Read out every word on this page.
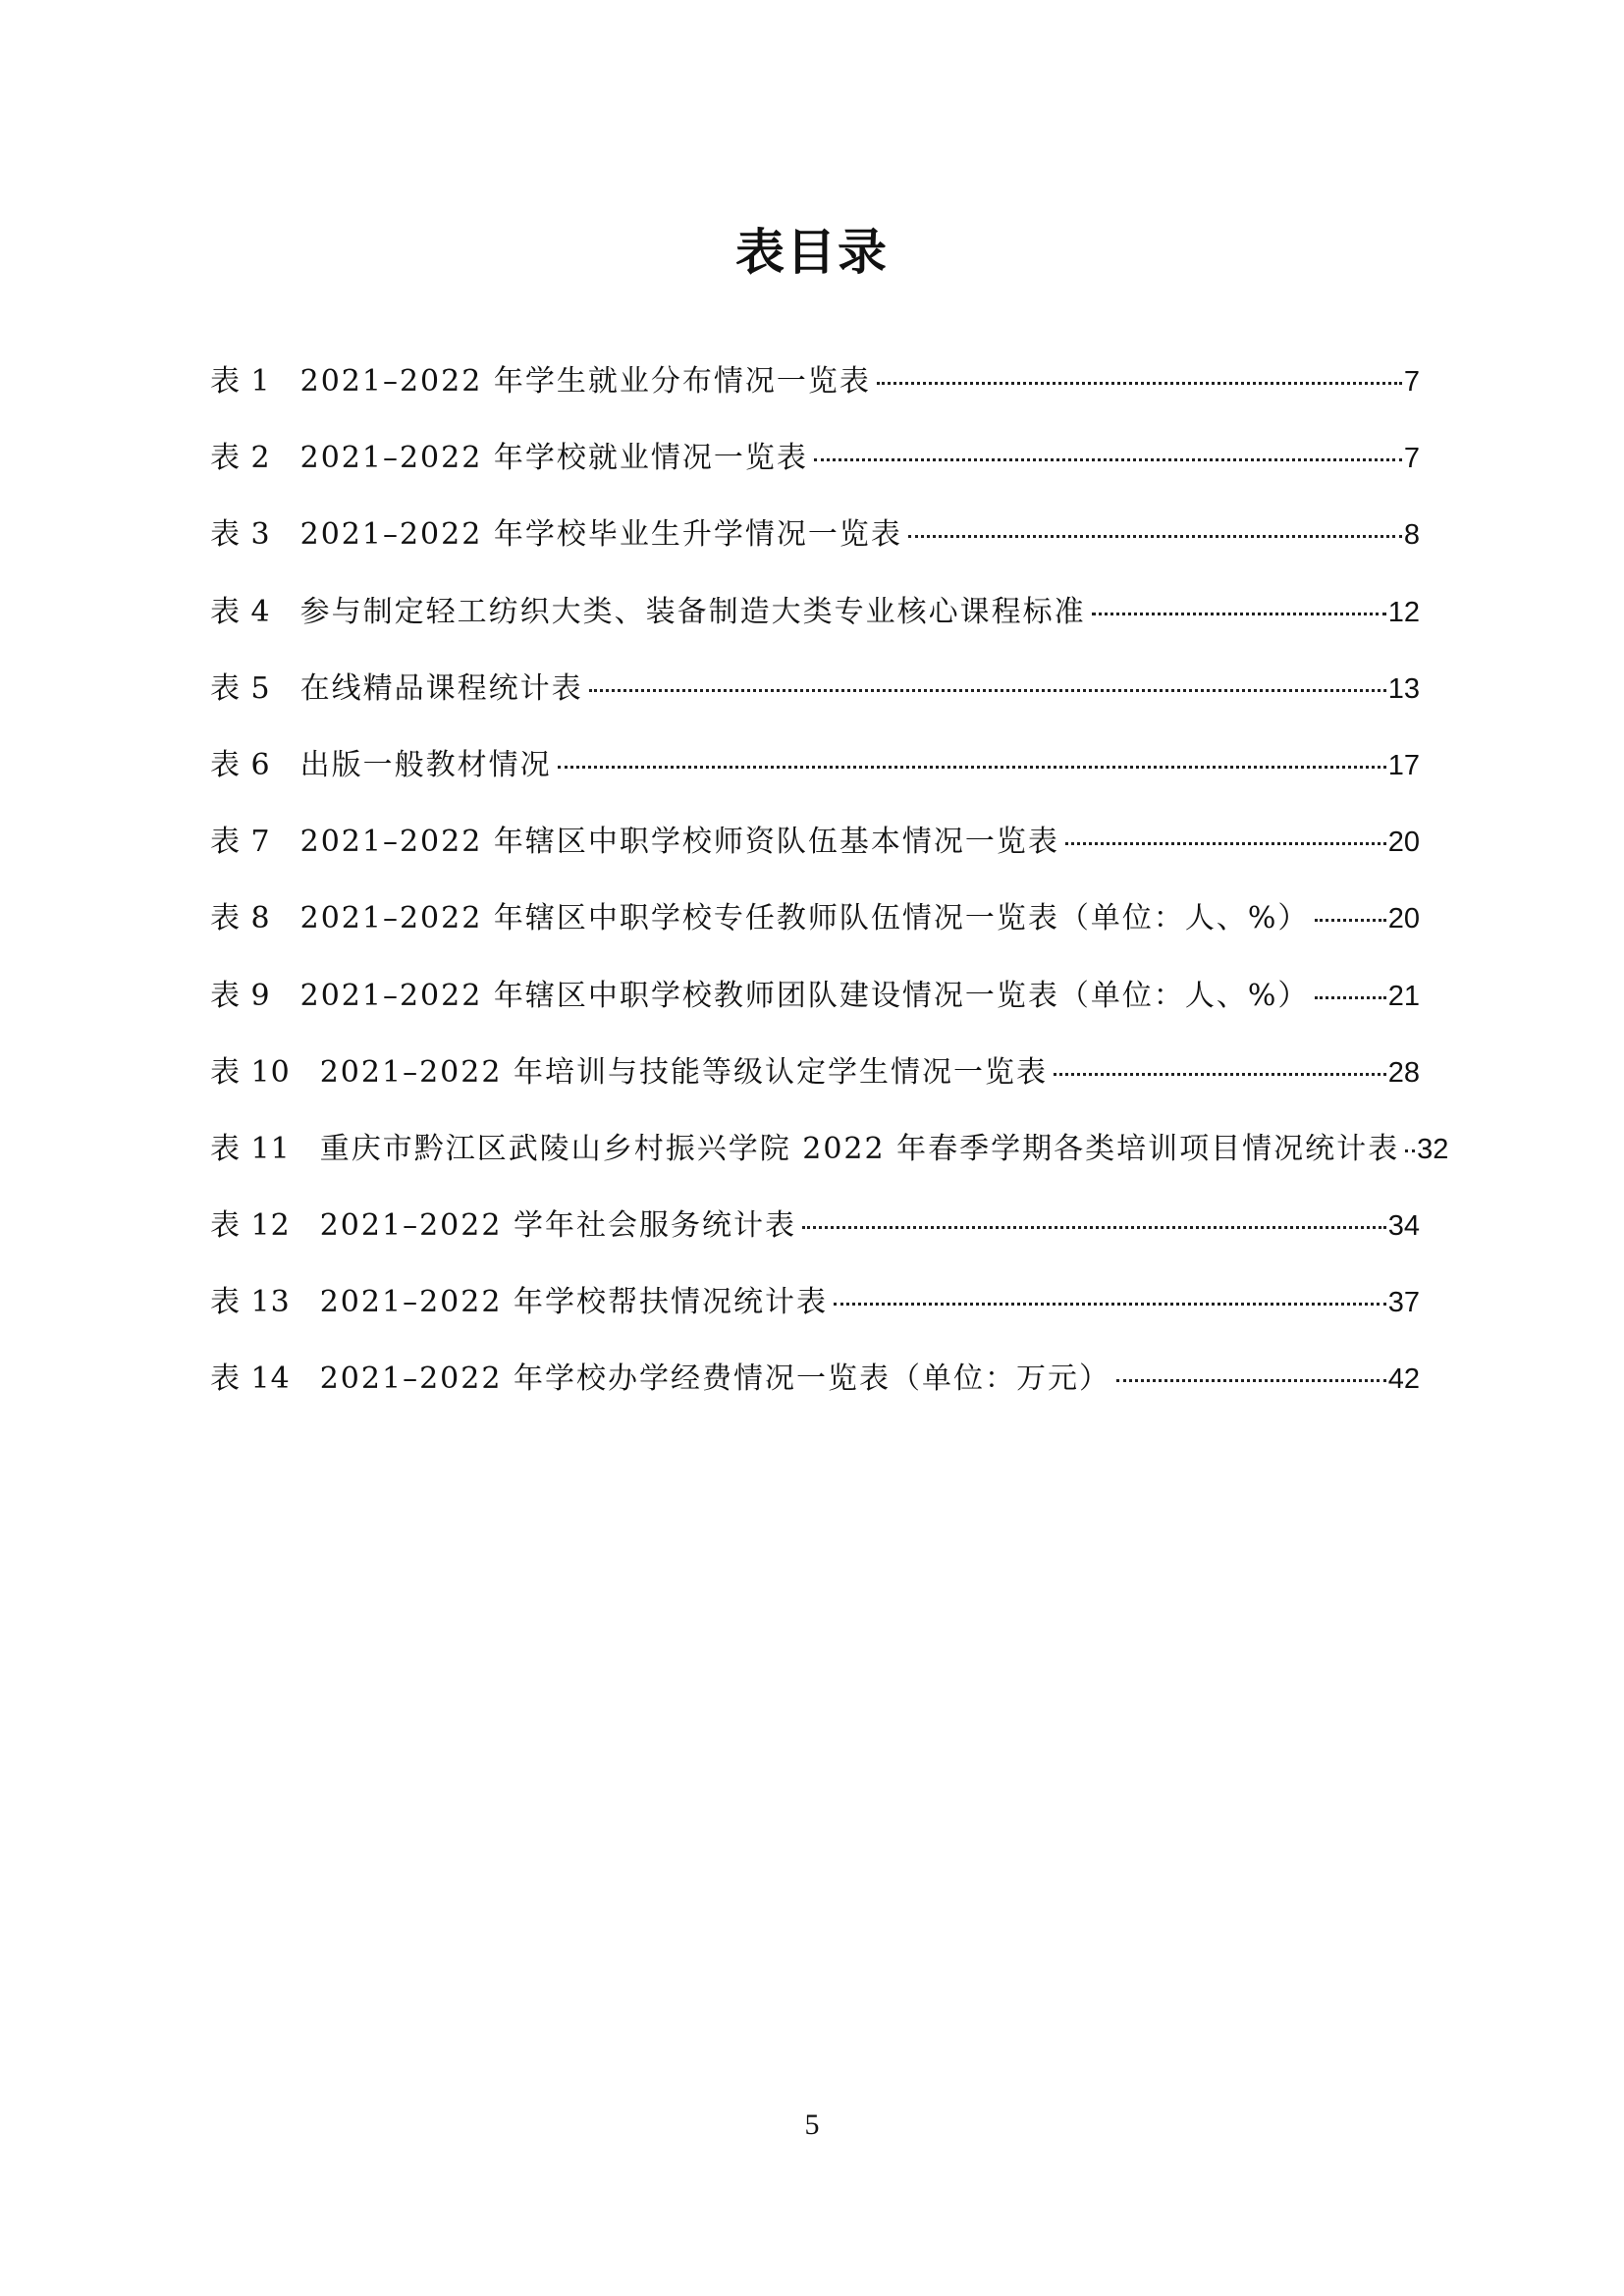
表目录
表 1 2021–2022 年学生就业分布情况一览表	7
表 2 2021–2022 年学校就业情况一览表	7
表 3 2021–2022 年学校毕业生升学情况一览表	8
表 4 参与制定轻工纺织大类、装备制造大类专业核心课程标准	12
表 5 在线精品课程统计表	13
表 6 出版一般教材情况	17
表 7 2021–2022 年辖区中职学校师资队伍基本情况一览表	20
表 8 2021–2022 年辖区中职学校专任教师队伍情况一览表（单位：人、%）	20
表 9 2021–2022 年辖区中职学校教师团队建设情况一览表（单位：人、%）	21
表 10 2021–2022 年培训与技能等级认定学生情况一览表	28
表 11 重庆市黔江区武陵山乡村振兴学院 2022 年春季学期各类培训项目情况统计表 32
表 12 2021–2022 学年社会服务统计表	34
表 13 2021–2022 年学校帮扶情况统计表	37
表 14 2021–2022 年学校办学经费情况一览表（单位：万元）	42
5
